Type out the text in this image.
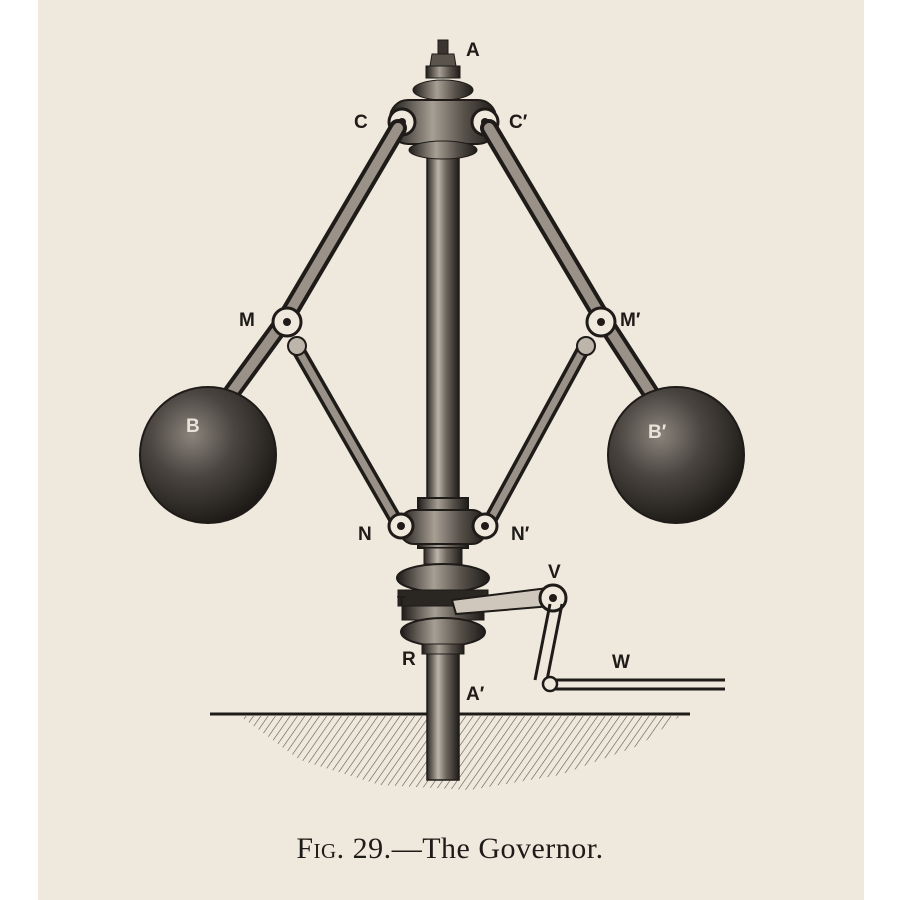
A
C	C′
M	M′
B	B′
N	N′
V
T
R
A′
W
Fig. 29.—The Governor.
